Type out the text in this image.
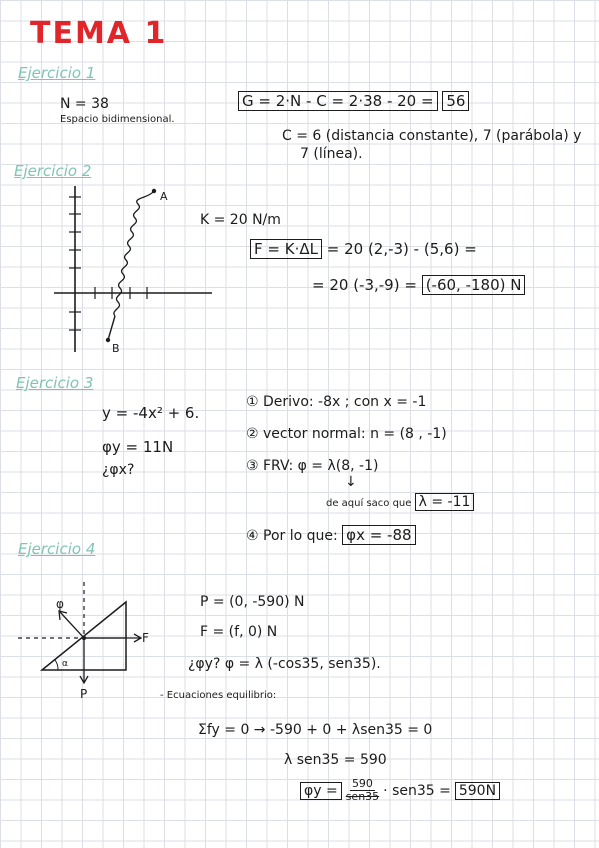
TEMA 1
Ejercicio 1
N = 38
Espacio bidimensional.
G = 2·N - C = 2·38 - 20 = 56
C = 6 (distancia constante), 7 (parábola) y
7 (línea).
Ejercicio 2
A
B
K = 20 N/m
F = K·ΔL = 20 (2,-3) - (5,6) =
= 20 (-3,-9) = (-60, -180) N
Ejercicio 3
y = -4x² + 6.
φy = 11N
¿φx?
① Derivo: -8x ; con x = -1
② vector normal: n = (8 , -1)
③ FRV: φ = λ(8, -1)
↓
de aquí saco que λ = -11
④ Por lo que: φx = -88
Ejercicio 4
α
φ
F
P
P = (0, -590) N
F = (f, 0) N
¿φy? φ = λ (-cos35, sen35).
- Ecuaciones equilibrio:
Σfy = 0 → -590 + 0 + λsen35 = 0
λ sen35 = 590
φy =	590
sen35 · sen35 = 590N
